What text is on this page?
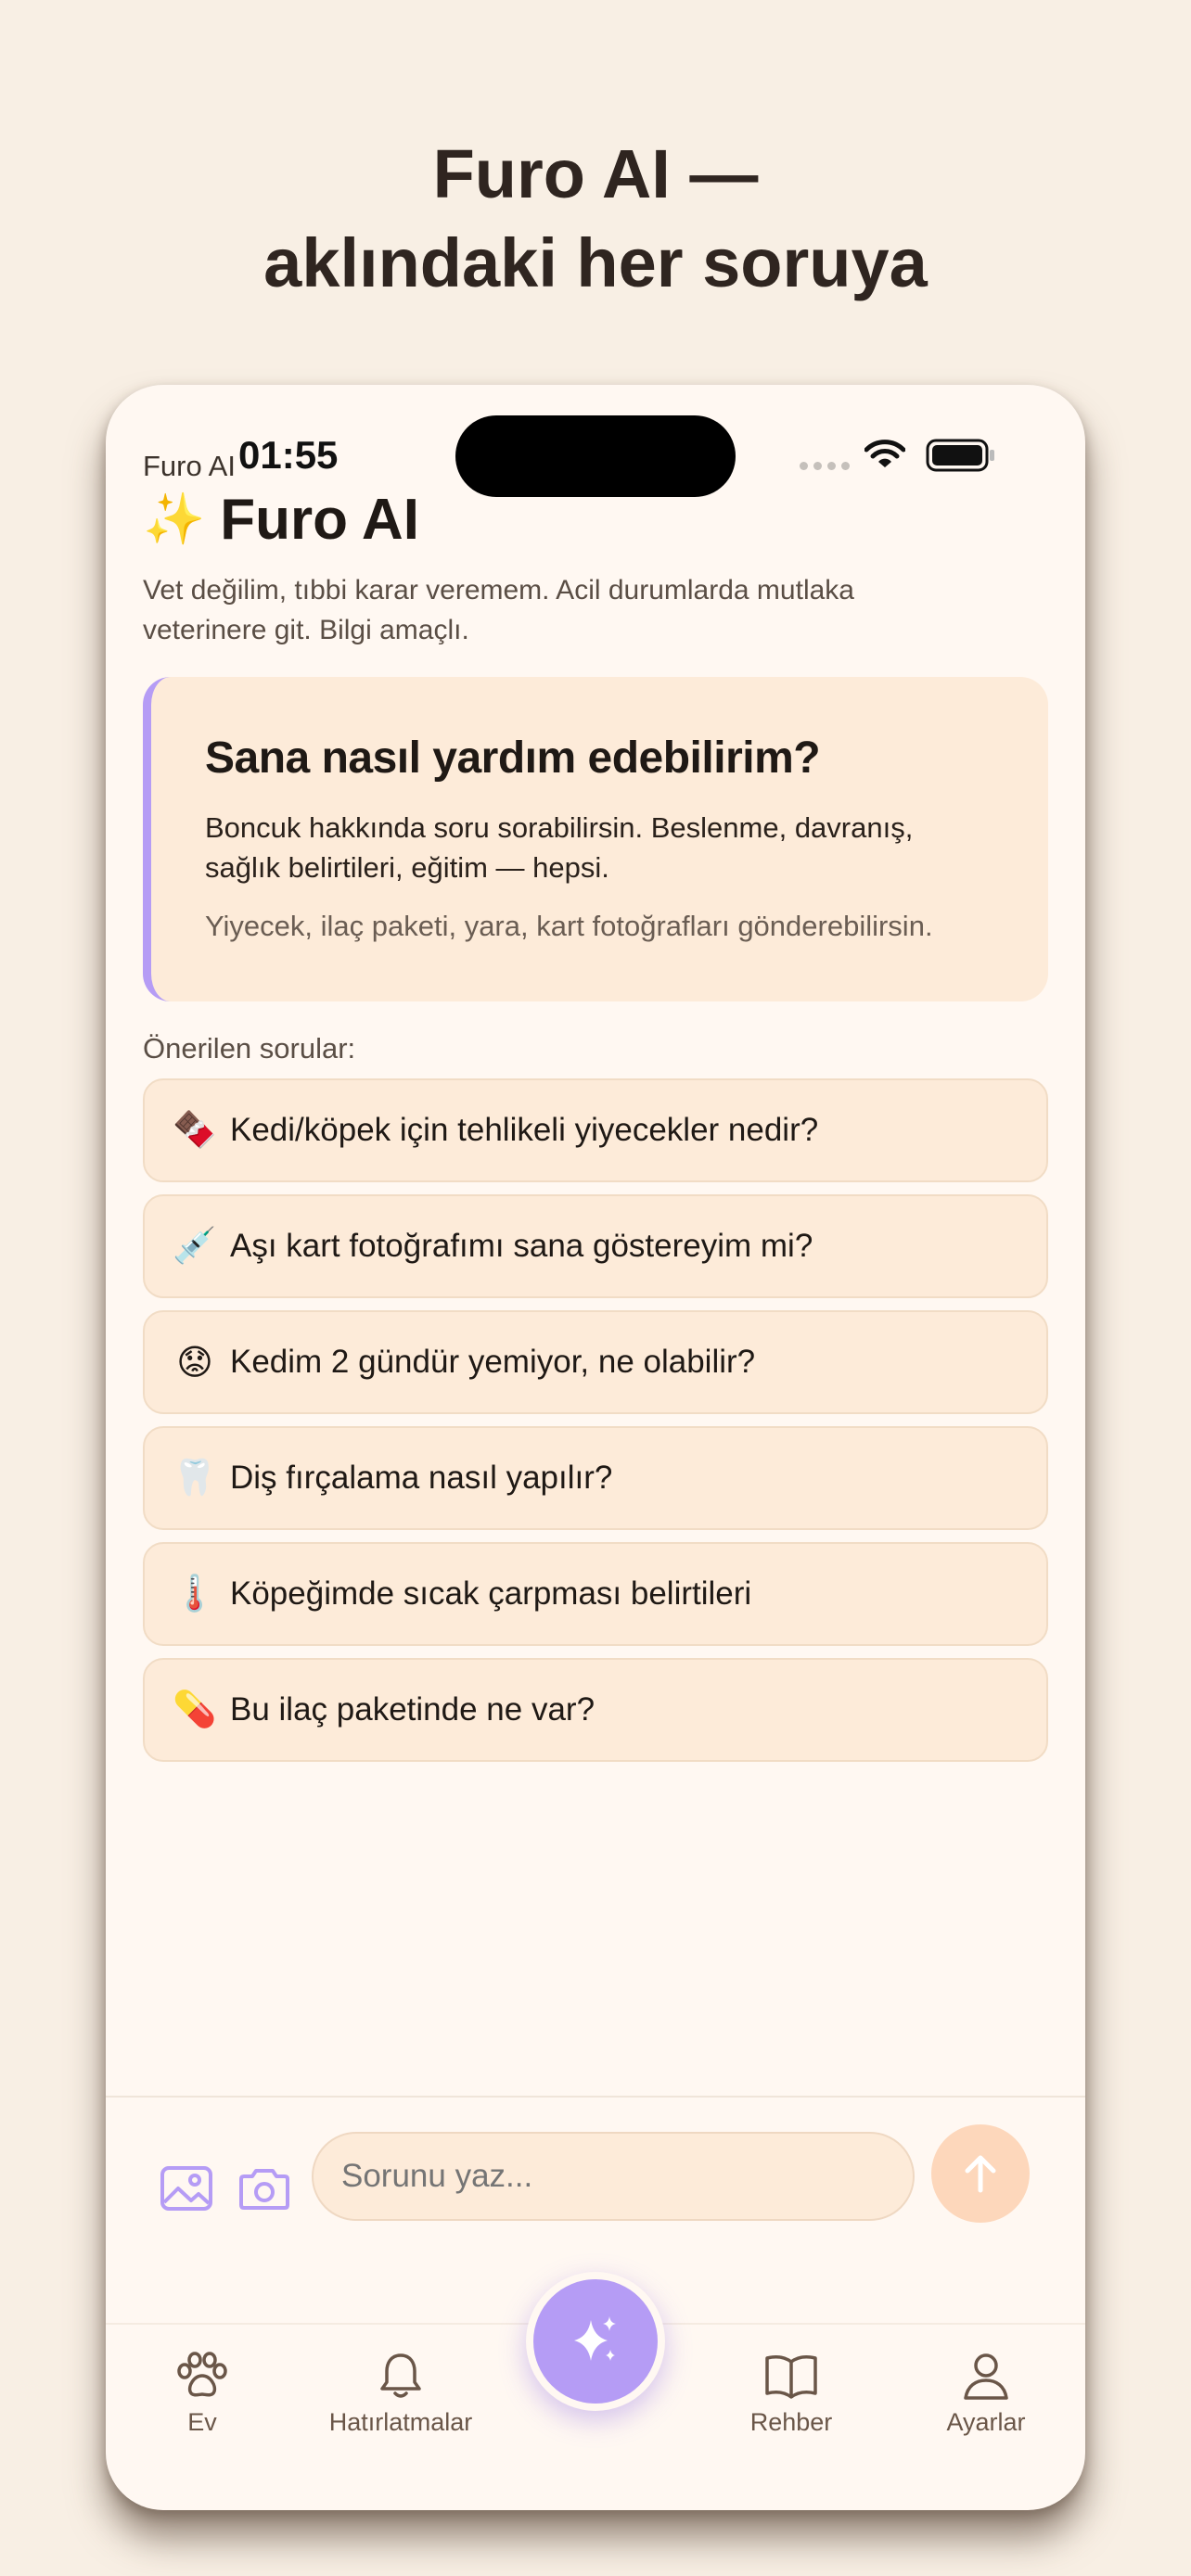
Furo AI —
aklındaki her soruya
Furo AI 01:55
✨ Furo AI
Vet değilim, tıbbi karar veremem. Acil durumlarda mutlaka veterinere git. Bilgi amaçlı.
Sana nasıl yardım edebilirim?
Boncuk hakkında soru sorabilirsin. Beslenme, davranış, sağlık belirtileri, eğitim — hepsi.
Yiyecek, ilaç paketi, yara, kart fotoğrafları gönderebilirsin.
Önerilen sorular:
🍫 Kedi/köpek için tehlikeli yiyecekler nedir?
💉 Aşı kart fotoğrafımı sana göstereyim mi?
😟 Kedim 2 gündür yemiyor, ne olabilir?
🦷 Diş fırçalama nasıl yapılır?
🌡️ Köpeğimde sıcak çarpması belirtileri
💊 Bu ilaç paketinde ne var?
Sorunu yaz...
Ev	Hatırlatmalar	Rehber	Ayarlar
